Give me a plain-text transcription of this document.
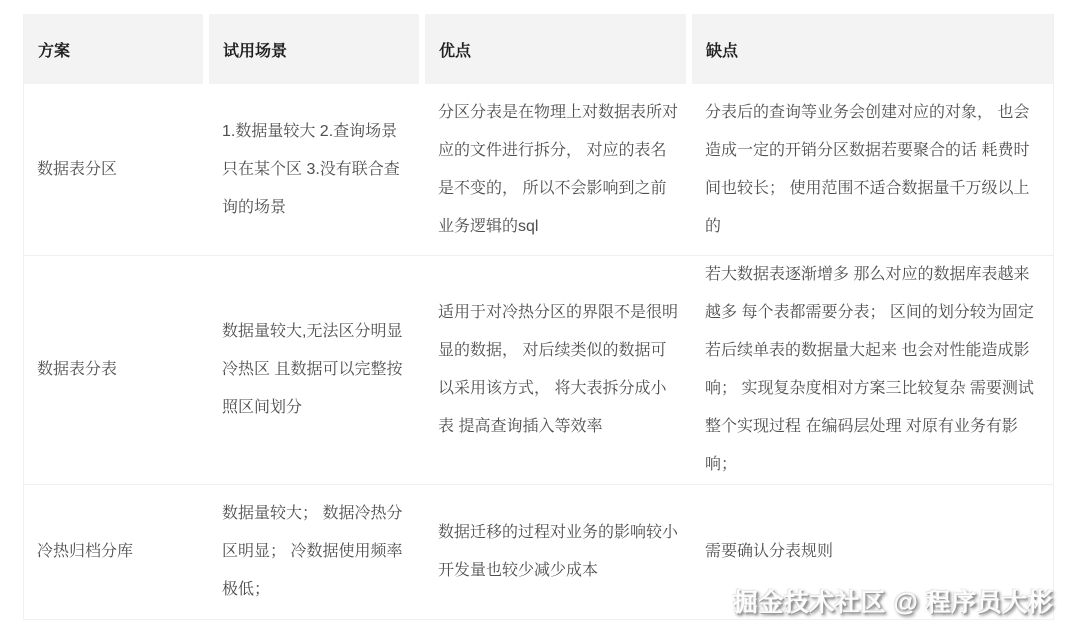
方案	试用场景	优点	缺点
数据表分区	1.数据量较大 2.查询场景只在某个区 3.没有联合查询的场景	分区分表是在物理上对数据表所对应的文件进行拆分， 对应的表名是不变的， 所以不会影响到之前业务逻辑的sql	分表后的查询等业务会创建对应的对象， 也会造成一定的开销分区数据若要聚合的话 耗费时间也较长； 使用范围不适合数据量千万级以上的
数据表分表	数据量较大,无法区分明显冷热区 且数据可以完整按照区间划分	适用于对冷热分区的界限不是很明显的数据， 对后续类似的数据可以采用该方式， 将大表拆分成小表 提高查询插入等效率	若大数据表逐渐增多 那么对应的数据库表越来越多 每个表都需要分表； 区间的划分较为固定 若后续单表的数据量大起来 也会对性能造成影响； 实现复杂度相对方案三比较复杂 需要测试整个实现过程 在编码层处理 对原有业务有影响；
冷热归档分库	数据量较大； 数据冷热分区明显； 冷数据使用频率极低；	数据迁移的过程对业务的影响较小 开发量也较少减少成本	需要确认分表规则
掘金技术社区 @ 程序员大彬
